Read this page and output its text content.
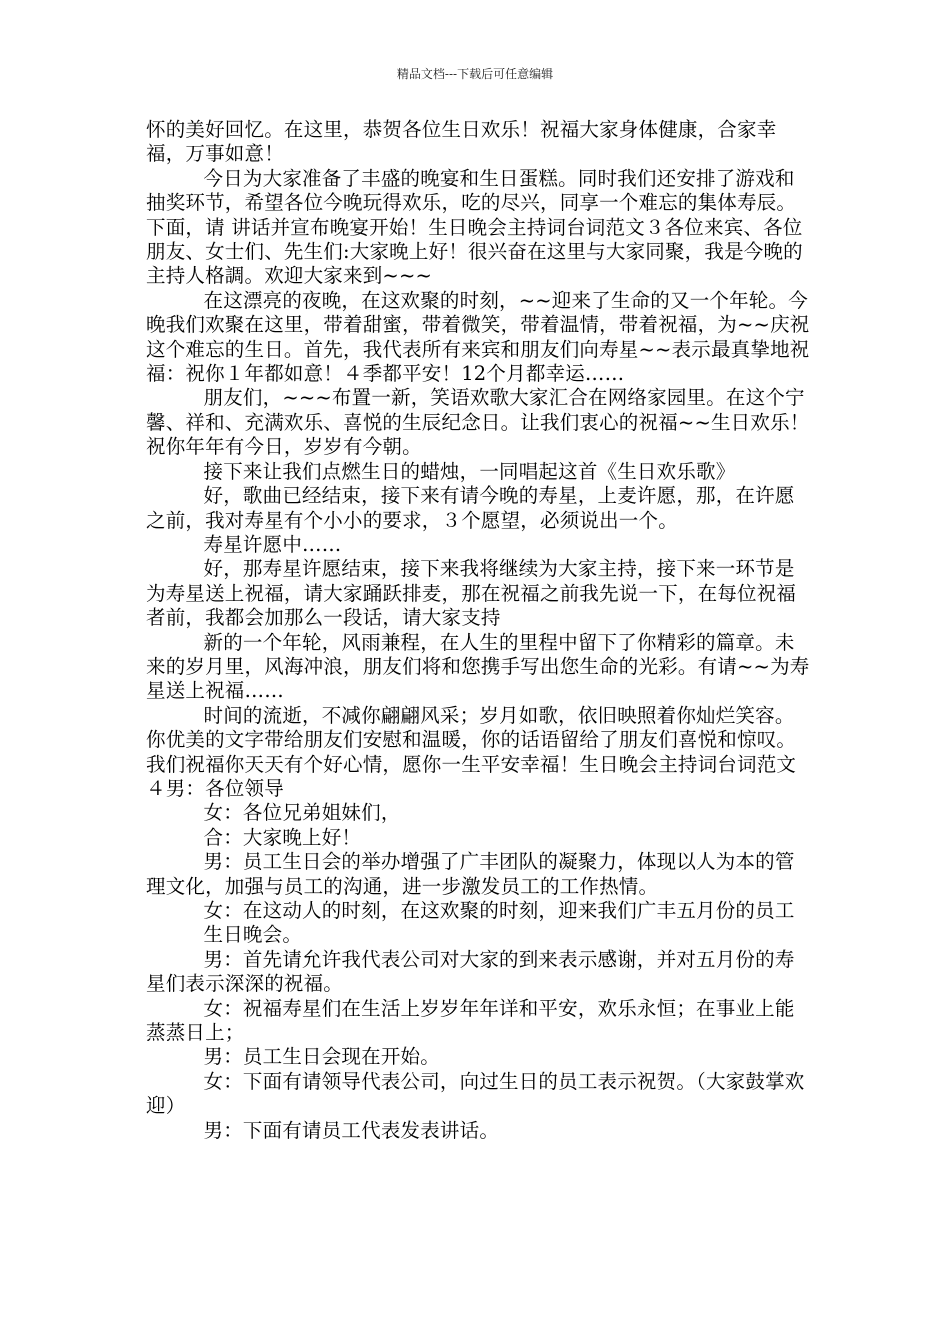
精品文档---下载后可任意编辑

怀的美好回忆。在这里，恭贺各位生日欢乐！祝福大家身体健康，合家幸福，万事如意！

今日为大家准备了丰盛的晚宴和生日蛋糕。同时我们还安排了游戏和抽奖环节，希望各位今晚玩得欢乐，吃的尽兴，同享一个难忘的集体寿辰。下面，请 讲话并宣布晚宴开始！生日晚会主持词台词范文３各位来宾、各位朋友、女士们、先生们:大家晚上好！很兴奋在这里与大家同聚，我是今晚的主持人格調。欢迎大家来到~~~

在这漂亮的夜晚，在这欢聚的时刻，~~迎来了生命的又一个年轮。今晚我们欢聚在这里，带着甜蜜，带着微笑，带着温情，带着祝福，为~~庆祝这个难忘的生日。首先，我代表所有来宾和朋友们向寿星~~表示最真挚地祝福：祝你１年都如意！４季都平安！12个月都幸运……

朋友们，~~~布置一新，笑语欢歌大家汇合在网络家园里。在这个宁馨、祥和、充满欢乐、喜悦的生辰纪念日。让我们衷心的祝福~~生日欢乐！祝你年年有今日，岁岁有今朝。

接下来让我们点燃生日的蜡烛，一同唱起这首《生日欢乐歌》

好，歌曲已经结束，接下来有请今晚的寿星，上麦许愿，那，在许愿之前，我对寿星有个小小的要求，３个愿望，必须说出一个。

寿星许愿中……

好，那寿星许愿结束，接下来我将继续为大家主持，接下来一环节是为寿星送上祝福，请大家踊跃排麦，那在祝福之前我先说一下，在每位祝福者前，我都会加那么一段话，请大家支持

新的一个年轮，风雨兼程，在人生的里程中留下了你精彩的篇章。未来的岁月里，风海冲浪，朋友们将和您携手写出您生命的光彩。有请~~为寿星送上祝福……

时间的流逝，不减你翩翩风采；岁月如歌，依旧映照着你灿烂笑容。你优美的文字带给朋友们安慰和温暖，你的话语留给了朋友们喜悦和惊叹。我们祝福你天天有个好心情，愿你一生平安幸福！生日晚会主持词台词范文４男：各位领导

女：各位兄弟姐妹们，

合：大家晚上好！

男：员工生日会的举办增强了广丰团队的凝聚力，体现以人为本的管理文化，加强与员工的沟通，进一步激发员工的工作热情。

女：在这动人的时刻，在这欢聚的时刻，迎来我们广丰五月份的员工

生日晚会。

男：首先请允许我代表公司对大家的到来表示感谢，并对五月份的寿星们表示深深的祝福。

女：祝福寿星们在生活上岁岁年年详和平安，欢乐永恒；在事业上能蒸蒸日上；

男：员工生日会现在开始。

女：下面有请领导代表公司，向过生日的员工表示祝贺。（大家鼓掌欢迎）

男：下面有请员工代表发表讲话。
